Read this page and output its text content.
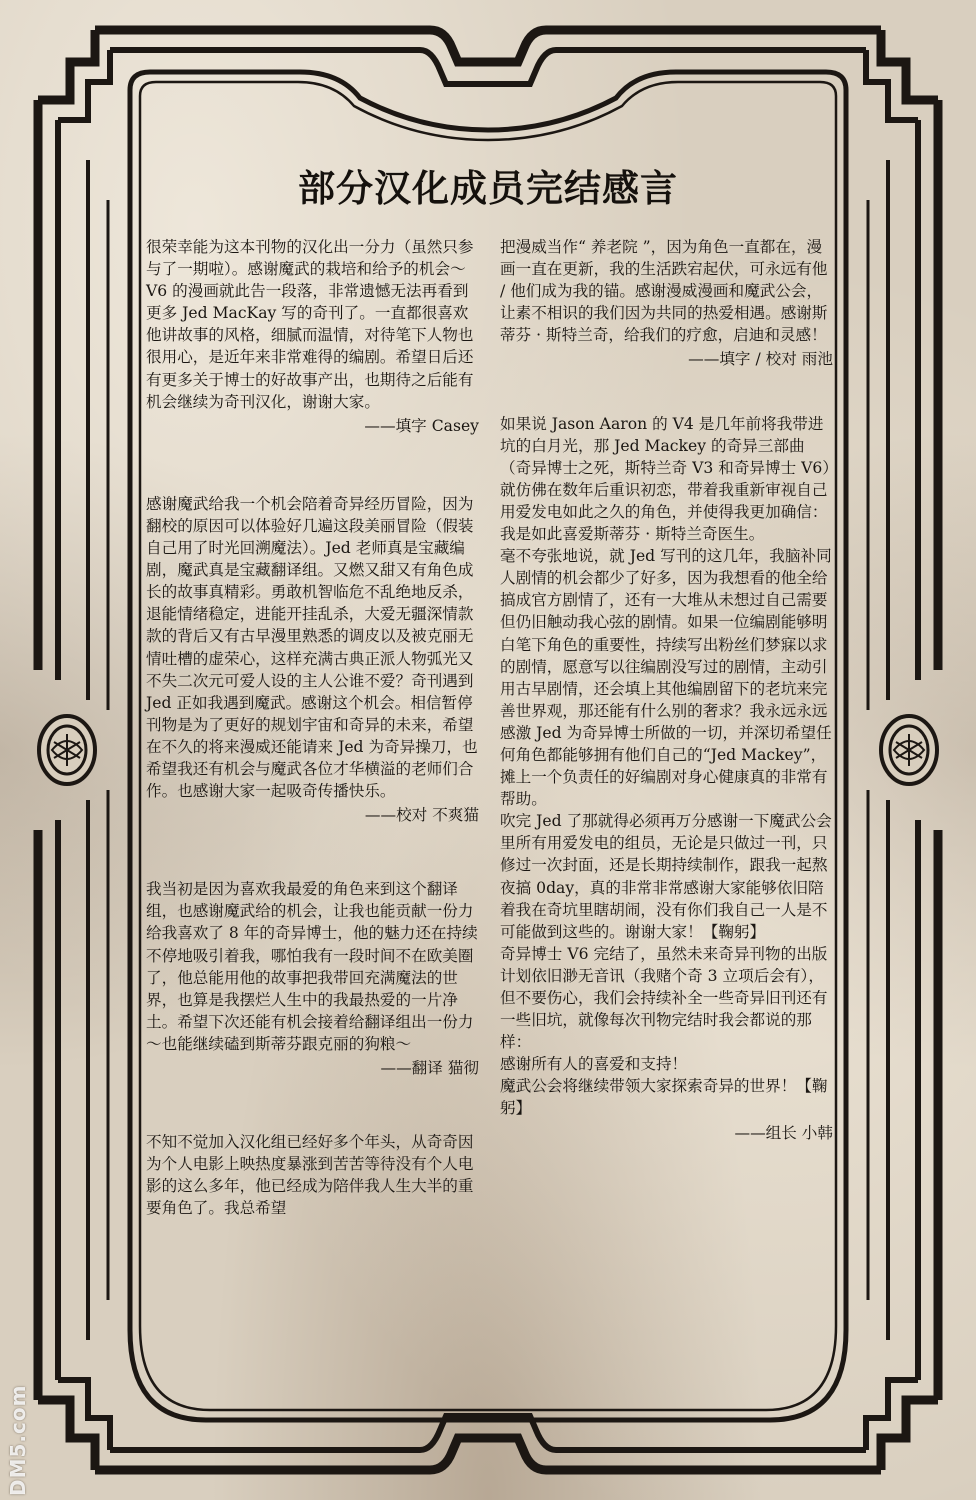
部分汉化成员完结感言

很荣幸能为这本刊物的汉化出一分力（虽然只参与了一期啦）。感谢魔武的栽培和给予的机会～
V6 的漫画就此告一段落，非常遗憾无法再看到更多 Jed MacKay 写的奇刊了。一直都很喜欢他讲故事的风格，细腻而温情，对待笔下人物也很用心，是近年来非常难得的编剧。希望日后还有更多关于博士的好故事产出，也期待之后能有机会继续为奇刊汉化，谢谢大家。

——填字 Casey

感谢魔武给我一个机会陪着奇异经历冒险，因为翻校的原因可以体验好几遍这段美丽冒险（假装自己用了时光回溯魔法）。Jed 老师真是宝藏编剧，魔武真是宝藏翻译组。又燃又甜又有角色成长的故事真精彩。勇敢机智临危不乱绝地反杀，退能情绪稳定，进能开挂乱杀，大爱无疆深情款款的背后又有古早漫里熟悉的调皮以及被克丽无情吐槽的虚荣心，这样充满古典正派人物弧光又不失二次元可爱人设的主人公谁不爱？奇刊遇到 Jed 正如我遇到魔武。感谢这个机会。相信暂停刊物是为了更好的规划宇宙和奇异的未来，希望在不久的将来漫威还能请来 Jed 为奇异操刀，也希望我还有机会与魔武各位才华横溢的老师们合作。也感谢大家一起吸奇传播快乐。

——校对 不爽猫

我当初是因为喜欢我最爱的角色来到这个翻译组，也感谢魔武给的机会，让我也能贡献一份力给我喜欢了 8 年的奇异博士，他的魅力还在持续不停地吸引着我，哪怕我有一段时间不在欧美圈了，他总能用他的故事把我带回充满魔法的世界，也算是我摆烂人生中的我最热爱的一片净土。希望下次还能有机会接着给翻译组出一份力～也能继续磕到斯蒂芬跟克丽的狗粮～

——翻译 猫彻

不知不觉加入汉化组已经好多个年头，从奇奇因为个人电影上映热度暴涨到苦苦等待没有个人电影的这么多年，他已经成为陪伴我人生大半的重要角色了。我总希望

把漫威当作“ 养老院 ”，因为角色一直都在，漫画一直在更新，我的生活跌宕起伏，可永远有他 / 他们成为我的锚。感谢漫威漫画和魔武公会，让素不相识的我们因为共同的热爱相遇。感谢斯蒂芬 · 斯特兰奇，给我们的疗愈，启迪和灵感！

——填字 / 校对 雨池

如果说 Jason Aaron 的 V4 是几年前将我带进坑的白月光，那 Jed Mackey 的奇异三部曲（奇异博士之死，斯特兰奇 V3 和奇异博士 V6）就仿佛在数年后重识初恋，带着我重新审视自己用爱发电如此之久的角色，并使得我更加确信：我是如此喜爱斯蒂芬 · 斯特兰奇医生。
毫不夸张地说，就 Jed 写刊的这几年，我脑补同人剧情的机会都少了好多，因为我想看的他全给搞成官方剧情了，还有一大堆从未想过自己需要但仍旧触动我心弦的剧情。如果一位编剧能够明白笔下角色的重要性，持续写出粉丝们梦寐以求的剧情，愿意写以往编剧没写过的剧情，主动引用古早剧情，还会填上其他编剧留下的老坑来完善世界观，那还能有什么别的奢求？我永远永远感激 Jed 为奇异博士所做的一切，并深切希望任何角色都能够拥有他们自己的“Jed Mackey”，摊上一个负责任的好编剧对身心健康真的非常有帮助。
吹完 Jed 了那就得必须再万分感谢一下魔武公会里所有用爱发电的组员，无论是只做过一刊，只修过一次封面，还是长期持续制作，跟我一起熬夜搞 0day，真的非常非常感谢大家能够依旧陪着我在奇坑里瞎胡闹，没有你们我自己一人是不可能做到这些的。谢谢大家！【鞠躬】
奇异博士 V6 完结了，虽然未来奇异刊物的出版计划依旧渺无音讯（我赌个奇 3 立项后会有），但不要伤心，我们会持续补全一些奇异旧刊还有一些旧坑，就像每次刊物完结时我会都说的那样：
感谢所有人的喜爱和支持！
魔武公会将继续带领大家探索奇异的世界！【鞠躬】

——组长 小韩

DM5.com
